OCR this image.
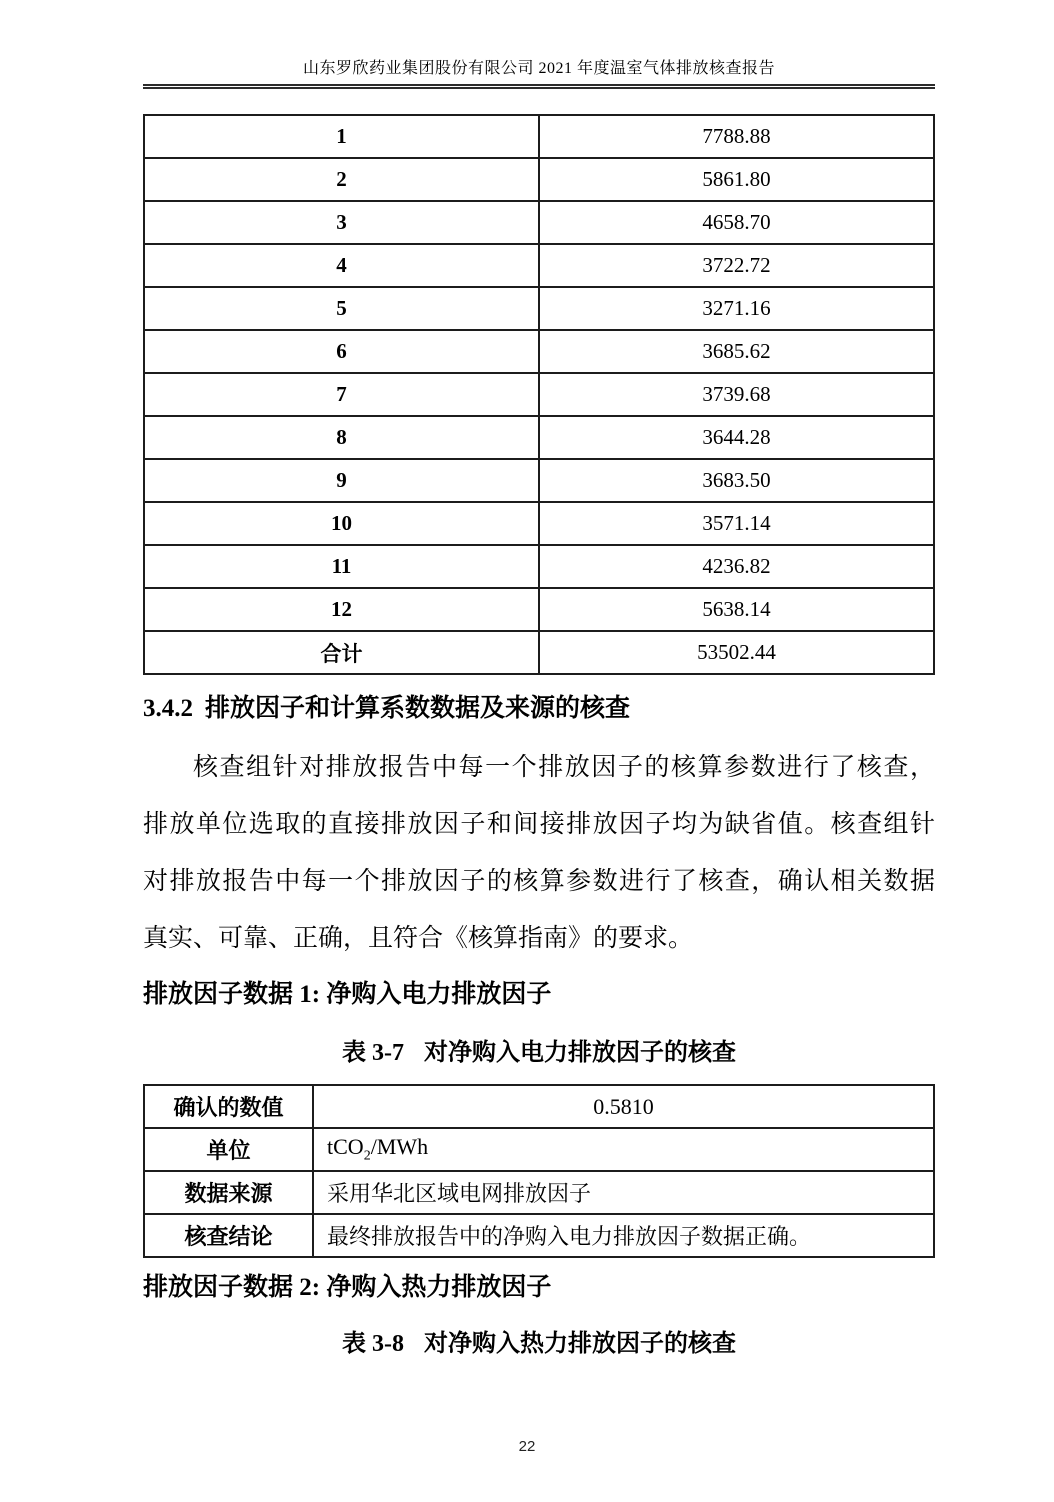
山东罗欣药业集团股份有限公司 2021 年度温室气体排放核查报告
1	7788.88
2	5861.80
3	4658.70
4	3722.72
5	3271.16
6	3685.62
7	3739.68
8	3644.28
9	3683.50
10	3571.14
11	4236.82
12	5638.14
合计	53502.44
3.4.2 排放因子和计算系数数据及来源的核查
核查组针对排放报告中每一个排放因子的核算参数进行了核查，
排放单位选取的直接排放因子和间接排放因子均为缺省值。核查组针
对排放报告中每一个排放因子的核算参数进行了核查，确认相关数据
真实、可靠、正确，且符合《核算指南》的要求。
排放因子数据 1: 净购入电力排放因子
表 3-7 对净购入电力排放因子的核查
确认的数值	0.5810
单位	tCO$_2$/MWh
数据来源	采用华北区域电网排放因子
核查结论	最终排放报告中的净购入电力排放因子数据正确。
排放因子数据 2: 净购入热力排放因子
表 3-8 对净购入热力排放因子的核查
22
